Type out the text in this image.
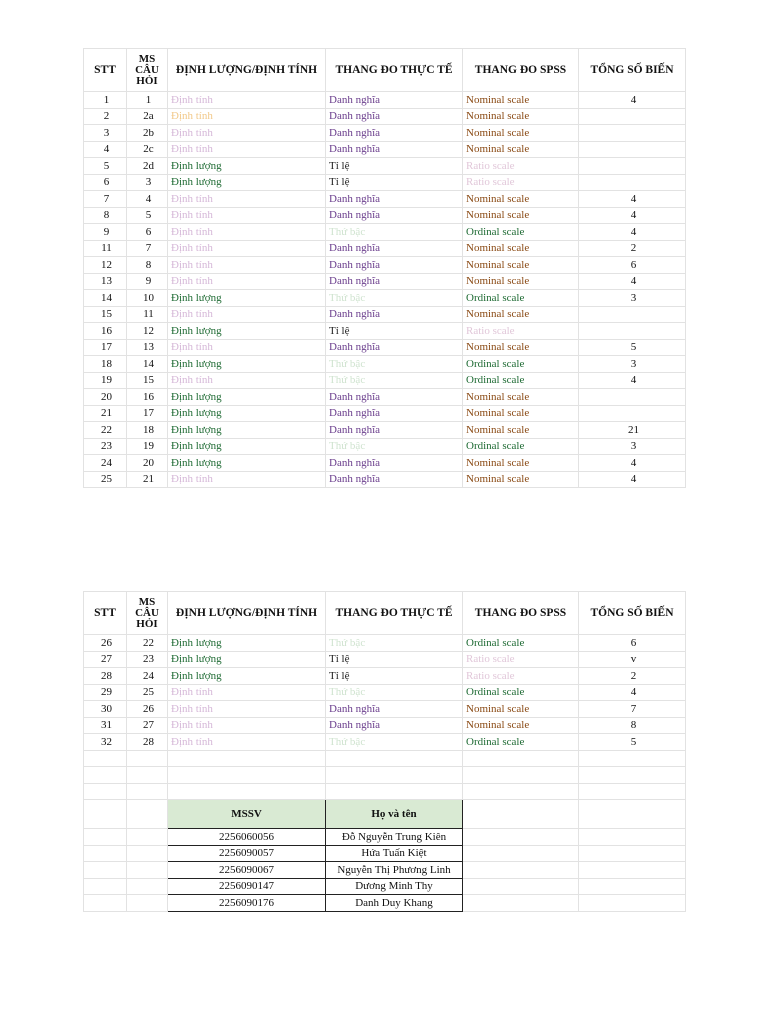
STT	MS
CÂU
HỎI	ĐỊNH LƯỢNG/ĐỊNH TÍNH	THANG ĐO THỰC TẾ	THANG ĐO SPSS	TỔNG SỐ BIẾN
1	1	Định tính	Danh nghĩa	Nominal scale	4
2	2a	Định tính	Danh nghĩa	Nominal scale	
3	2b	Định tính	Danh nghĩa	Nominal scale	
4	2c	Định tính	Danh nghĩa	Nominal scale	
5	2d	Định lượng	Tỉ lệ	Ratio scale	
6	3	Định lượng	Tỉ lệ	Ratio scale	
7	4	Định tính	Danh nghĩa	Nominal scale	4
8	5	Định tính	Danh nghĩa	Nominal scale	4
9	6	Định tính	Thứ bậc	Ordinal scale	4
11	7	Định tính	Danh nghĩa	Nominal scale	2
12	8	Định tính	Danh nghĩa	Nominal scale	6
13	9	Định tính	Danh nghĩa	Nominal scale	4
14	10	Định lượng	Thứ bậc	Ordinal scale	3
15	11	Định tính	Danh nghĩa	Nominal scale	
16	12	Định lượng	Tỉ lệ	Ratio scale	
17	13	Định tính	Danh nghĩa	Nominal scale	5
18	14	Định lượng	Thứ bậc	Ordinal scale	3
19	15	Định tính	Thứ bậc	Ordinal scale	4
20	16	Định lượng	Danh nghĩa	Nominal scale	
21	17	Định lượng	Danh nghĩa	Nominal scale	
22	18	Định lượng	Danh nghĩa	Nominal scale	21
23	19	Định lượng	Thứ bậc	Ordinal scale	3
24	20	Định lượng	Danh nghĩa	Nominal scale	4
25	21	Định tính	Danh nghĩa	Nominal scale	4
STT	MS
CÂU
HỎI	ĐỊNH LƯỢNG/ĐỊNH TÍNH	THANG ĐO THỰC TẾ	THANG ĐO SPSS	TỔNG SỐ BIẾN
26	22	Định lượng	Thứ bậc	Ordinal scale	6
27	23	Định lượng	Tỉ lệ	Ratio scale	v
28	24	Định lượng	Tỉ lệ	Ratio scale	2
29	25	Định tính	Thứ bậc	Ordinal scale	4
30	26	Định tính	Danh nghĩa	Nominal scale	7
31	27	Định tính	Danh nghĩa	Nominal scale	8
32	28	Định tính	Thứ bậc	Ordinal scale	5

		MSSV	Họ và tên		
		2256060056	Đỗ Nguyễn Trung Kiên		
		2256090057	Hứa Tuấn Kiệt		
		2256090067	Nguyễn Thị Phương Linh		
		2256090147	Dương Minh Thy		
		2256090176	Danh Duy Khang		
